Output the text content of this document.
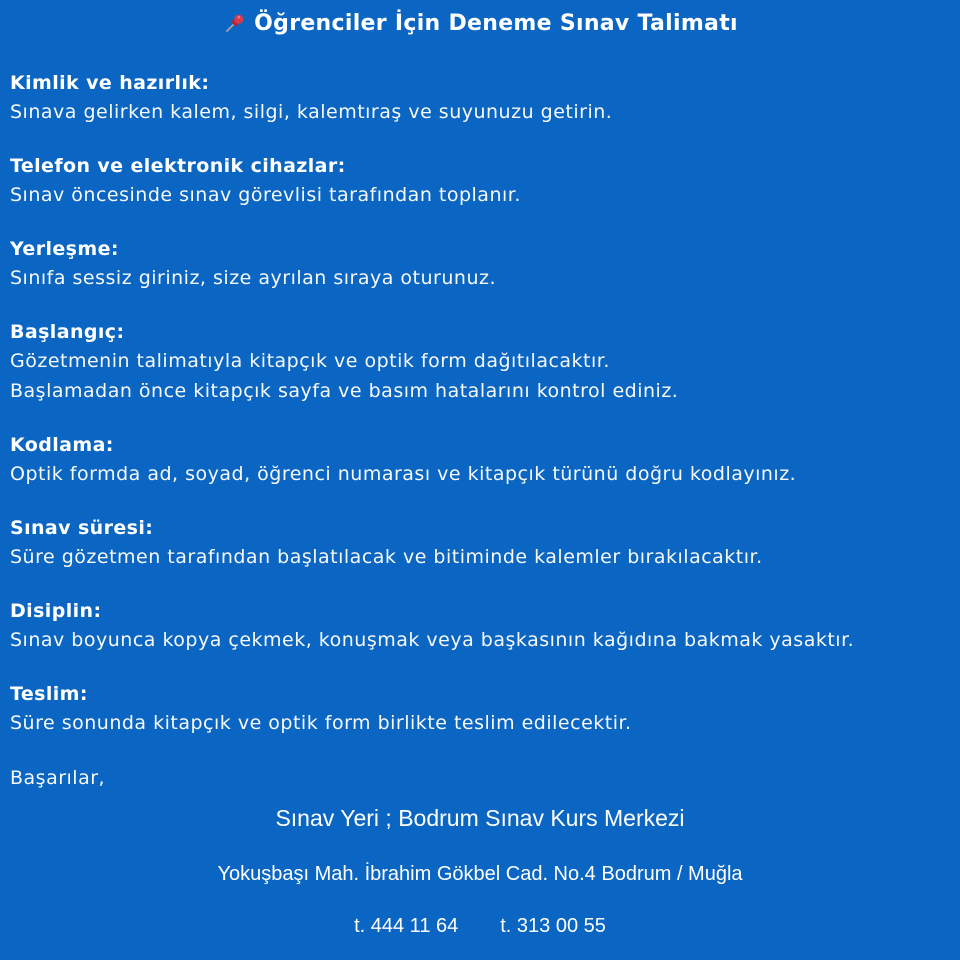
Öğrenciler İçin Deneme Sınav Talimatı
Kimlik ve hazırlık:

Sınava gelirken kalem, silgi, kalemtıraş ve suyunuzu getirin.

Telefon ve elektronik cihazlar:

Sınav öncesinde sınav görevlisi tarafından toplanır.

Yerleşme:

Sınıfa sessiz giriniz, size ayrılan sıraya oturunuz.

Başlangıç:

Gözetmenin talimatıyla kitapçık ve optik form dağıtılacaktır.

Başlamadan önce kitapçık sayfa ve basım hatalarını kontrol ediniz.

Kodlama:

Optik formda ad, soyad, öğrenci numarası ve kitapçık türünü doğru kodlayınız.

Sınav süresi:

Süre gözetmen tarafından başlatılacak ve bitiminde kalemler bırakılacaktır.

Disiplin:

Sınav boyunca kopya çekmek, konuşmak veya başkasının kağıdına bakmak yasaktır.

Teslim:

Süre sonunda kitapçık ve optik form birlikte teslim edilecektir.

Başarılar,
Sınav Yeri ; Bodrum Sınav Kurs Merkezi
Yokuşbaşı Mah. İbrahim Gökbel Cad. No.4 Bodrum / Muğla
t. 444 11 64 t. 313 00 55
